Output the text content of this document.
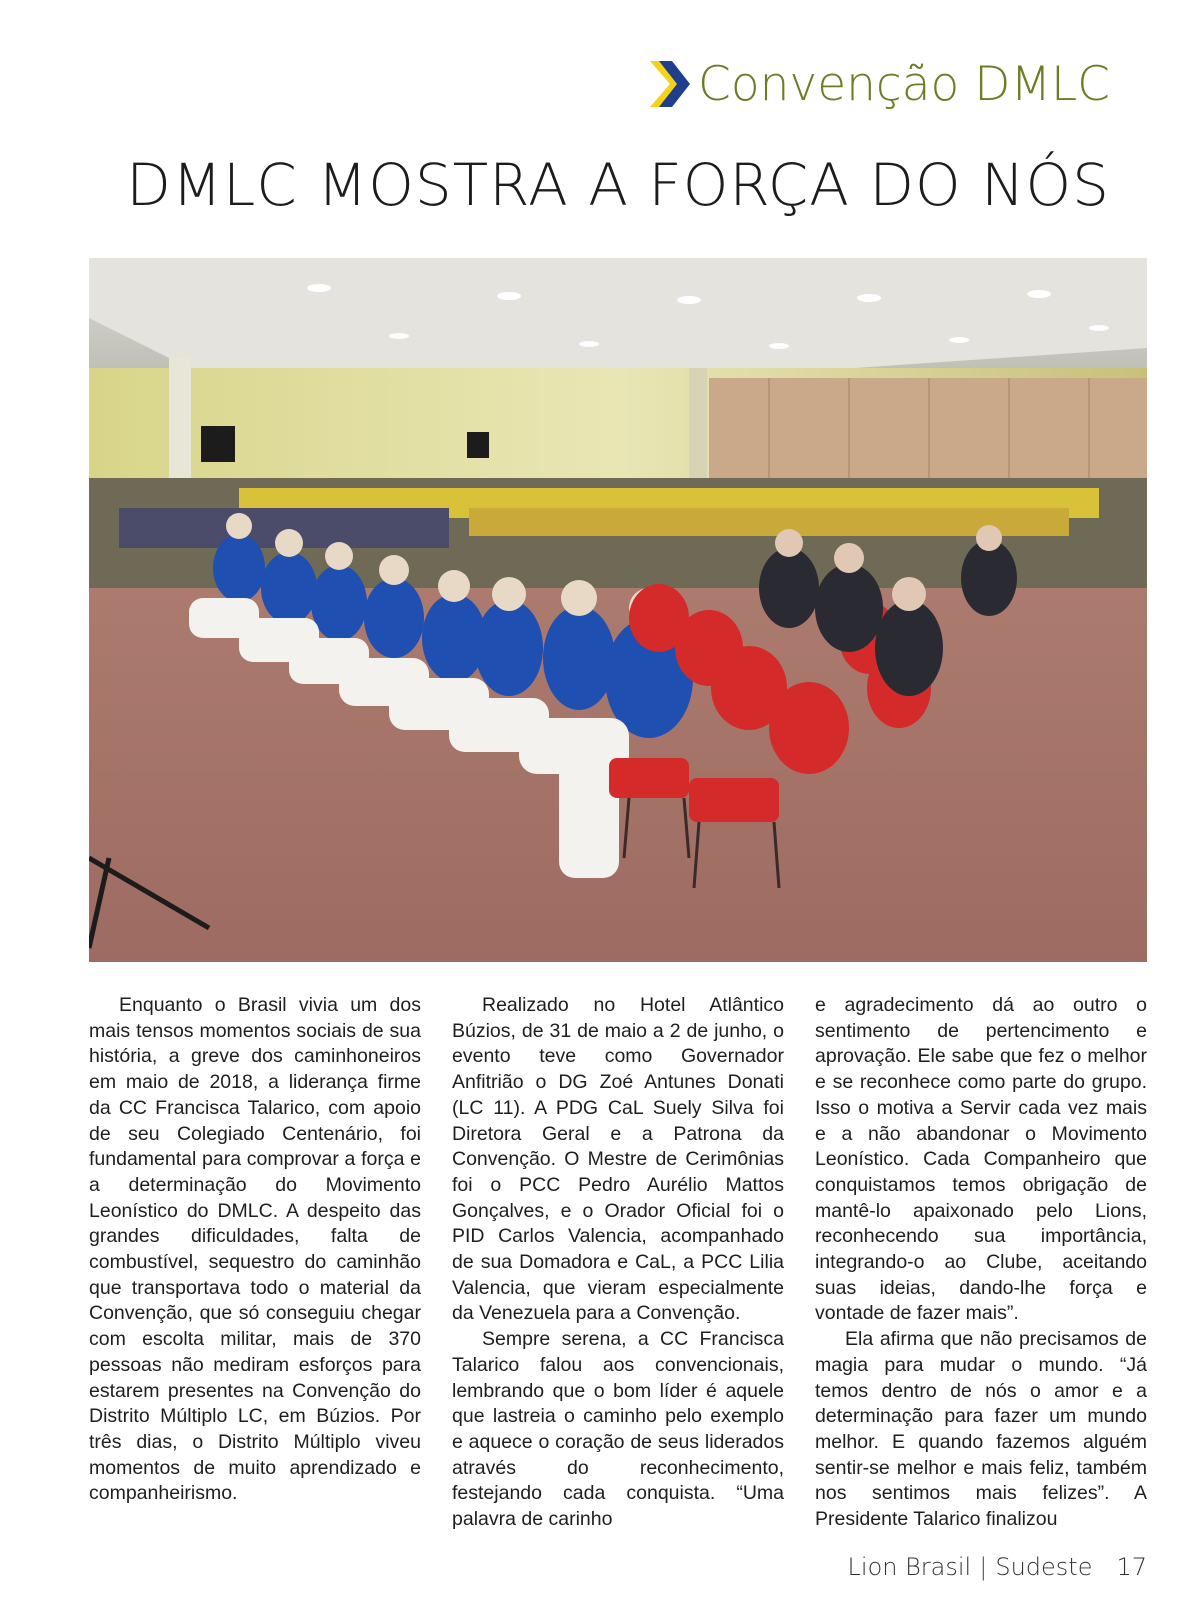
Convenção DMLC
DMLC MOSTRA A FORÇA DO NÓS

Enquanto o Brasil vivia um dos mais tensos momentos sociais de sua história, a greve dos caminhoneiros em maio de 2018, a liderança firme da CC Francisca Talarico, com apoio de seu Colegiado Centenário, foi fundamental para comprovar a força e a determinação do Movimento Leonístico do DMLC. A despeito das grandes dificuldades, falta de combustível, sequestro do caminhão que transportava todo o material da Convenção, que só conseguiu chegar com escolta militar, mais de 370 pessoas não mediram esforços para estarem presentes na Convenção do Distrito Múltiplo LC, em Búzios. Por três dias, o Distrito Múltiplo viveu momentos de muito aprendizado e companheirismo.

Realizado no Hotel Atlântico Búzios, de 31 de maio a 2 de junho, o evento teve como Governador Anfitrião o DG Zoé Antunes Donati (LC 11). A PDG CaL Suely Silva foi Diretora Geral e a Patrona da Convenção. O Mestre de Cerimônias foi o PCC Pedro Aurélio Mattos Gonçalves, e o Orador Oficial foi o PID Carlos Valencia, acompanhado de sua Domadora e CaL, a PCC Lilia Valencia, que vieram especialmente da Venezuela para a Convenção.

Sempre serena, a CC Francisca Talarico falou aos convencionais, lembrando que o bom líder é aquele que lastreia o caminho pelo exemplo e aquece o coração de seus liderados através do reconhecimento, festejando cada conquista. “Uma palavra de carinho

e agradecimento dá ao outro o sentimento de pertencimento e aprovação. Ele sabe que fez o melhor e se reconhece como parte do grupo. Isso o motiva a Servir cada vez mais e a não abandonar o Movimento Leonístico. Cada Companheiro que conquistamos temos obrigação de mantê-lo apaixonado pelo Lions, reconhecendo sua importância, integrando-o ao Clube, aceitando suas ideias, dando-lhe força e vontade de fazer mais”.

Ela afirma que não precisamos de magia para mudar o mundo. “Já temos dentro de nós o amor e a determinação para fazer um mundo melhor. E quando fazemos alguém sentir-se melhor e mais feliz, também nos sentimos mais felizes”. A Presidente Talarico finalizou

Lion Brasil | Sudeste 17
